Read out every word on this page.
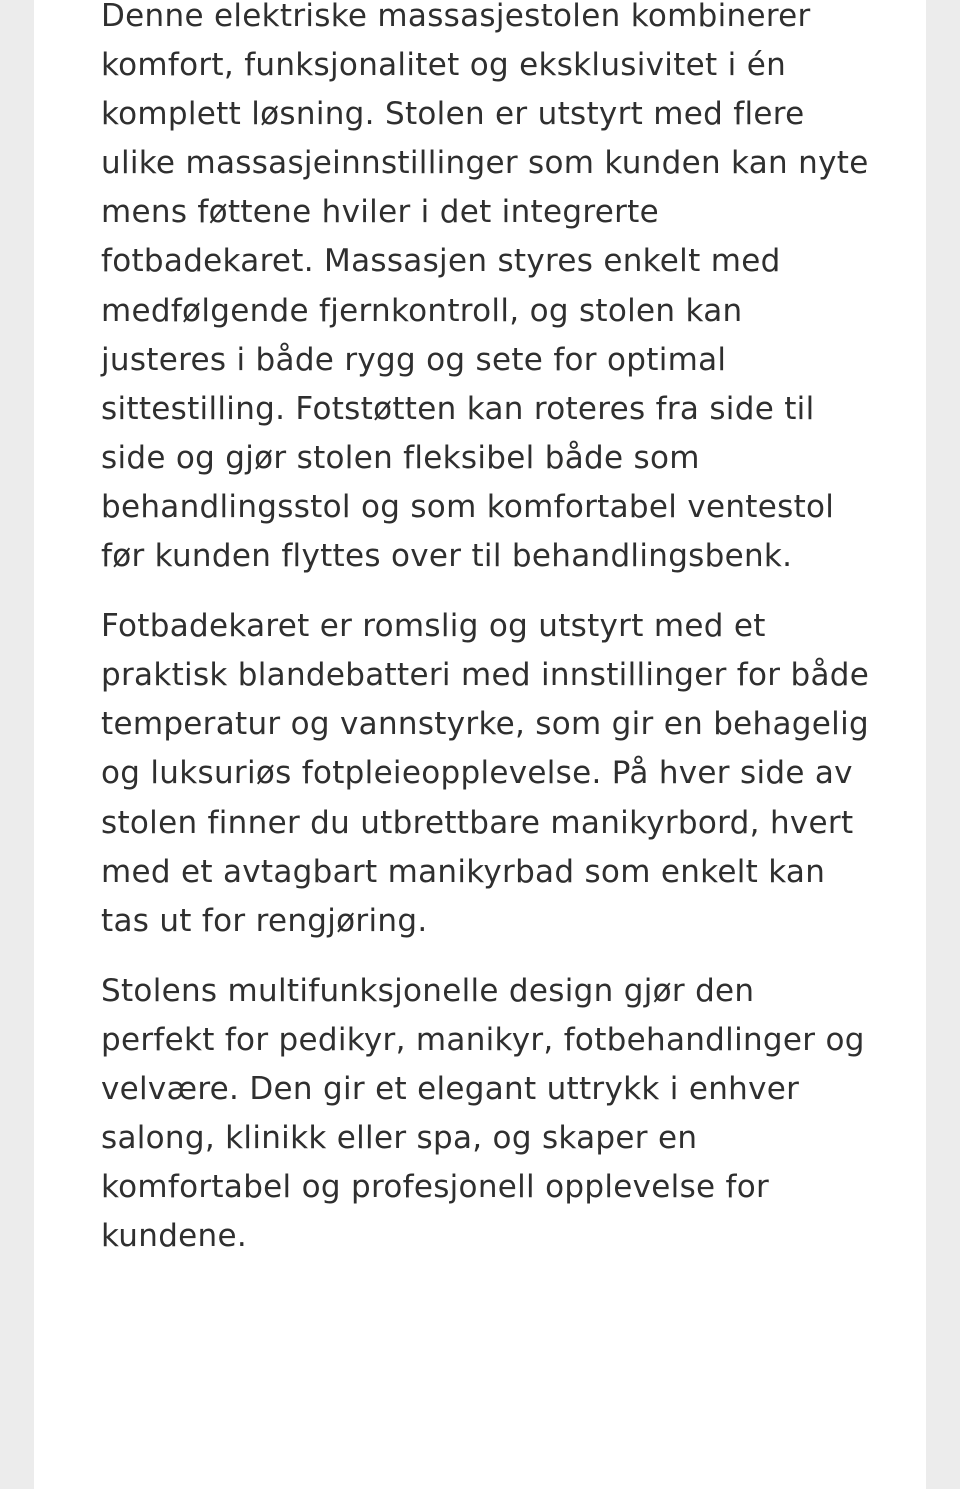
Denne elektriske massasjestolen kombinerer komfort, funksjonalitet og eksklusivitet i én komplett løsning. Stolen er utstyrt med flere ulike massasjeinnstillinger som kunden kan nyte mens føttene hviler i det integrerte fotbadekaret. Massasjen styres enkelt med medfølgende fjernkontroll, og stolen kan justeres i både rygg og sete for optimal sittestilling. Fotstøtten kan roteres fra side til side og gjør stolen fleksibel både som behandlingsstol og som komfortabel ventestol før kunden flyttes over til behandlingsbenk.

Fotbadekaret er romslig og utstyrt med et praktisk blandebatteri med innstillinger for både temperatur og vannstyrke, som gir en behagelig og luksuriøs fotpleieopplevelse. På hver side av stolen finner du utbrettbare manikyrbord, hvert med et avtagbart manikyrbad som enkelt kan tas ut for rengjøring.

Stolens multifunksjonelle design gjør den perfekt for pedikyr, manikyr, fotbehandlinger og velvære. Den gir et elegant uttrykk i enhver salong, klinikk eller spa, og skaper en komfortabel og profesjonell opplevelse for kundene.
